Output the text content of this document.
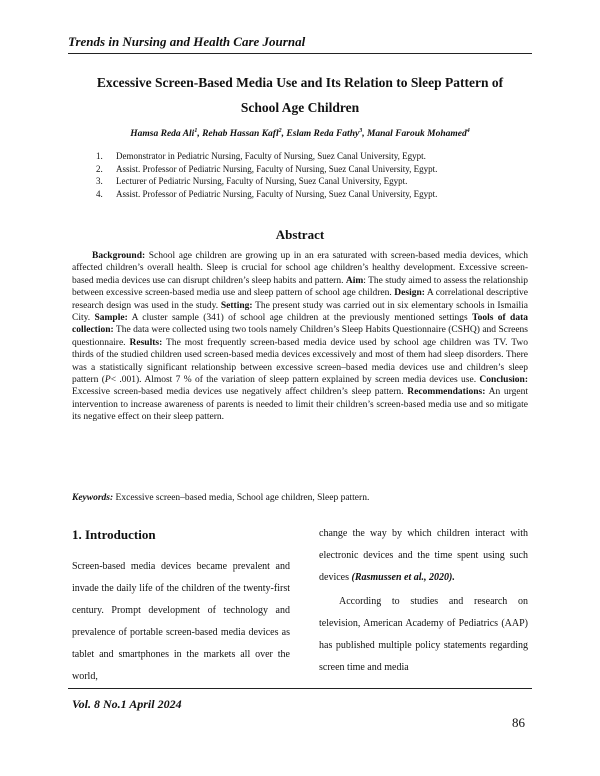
Trends in Nursing and Health Care Journal
Excessive Screen-Based Media Use and Its Relation to Sleep Pattern of
School Age Children
Hamsa Reda Ali$^1$, Rehab Hassan Kafl$^2$, Eslam Reda Fathy$^3$, Manal Farouk Mohamed$^4$
1. Demonstrator in Pediatric Nursing, Faculty of Nursing, Suez Canal University, Egypt.
2. Assist. Professor of Pediatric Nursing, Faculty of Nursing, Suez Canal University, Egypt.
3. Lecturer of Pediatric Nursing, Faculty of Nursing, Suez Canal University, Egypt.
4. Assist. Professor of Pediatric Nursing, Faculty of Nursing, Suez Canal University, Egypt.
Abstract

Background: School age children are growing up in an era saturated with screen-based media devices, which affected children’s overall health. Sleep is crucial for school age children’s healthy development. Excessive screen-based media devices use can disrupt children’s sleep habits and pattern. Aim: The study aimed to assess the relationship between excessive screen-based media use and sleep pattern of school age children. Design: A correlational descriptive research design was used in the study. Setting: The present study was carried out in six elementary schools in Ismailia City. Sample: A cluster sample (341) of school age children at the previously mentioned settings Tools of data collection: The data were collected using two tools namely Children’s Sleep Habits Questionnaire (CSHQ) and Screens questionnaire. Results: The most frequently screen-based media device used by school age children was TV. Two thirds of the studied children used screen-based media devices excessively and most of them had sleep disorders. There was a statistically significant relationship between excessive screen–based media devices use and children’s sleep pattern (P< .001). Almost 7 % of the variation of sleep pattern explained by screen media devices use. Conclusion: Excessive screen-based media devices use negatively affect children’s sleep pattern. Recommendations: An urgent intervention to increase awareness of parents is needed to limit their children’s screen-based media use and so mitigate its negative effect on their sleep pattern.

Keywords: Excessive screen–based media, School age children, Sleep pattern.

1. Introduction

Screen-based media devices became prevalent and invade the daily life of the children of the twenty-first century. Prompt development of technology and prevalence of portable screen-based media devices as tablet and smartphones in the markets all over the world,

change the way by which children interact with electronic devices and the time spent using such devices (Rasmussen et al., 2020).

According to studies and research on television, American Academy of Pediatrics (AAP) has published multiple policy statements regarding screen time and media

Vol. 8 No.1 April 2024
86
